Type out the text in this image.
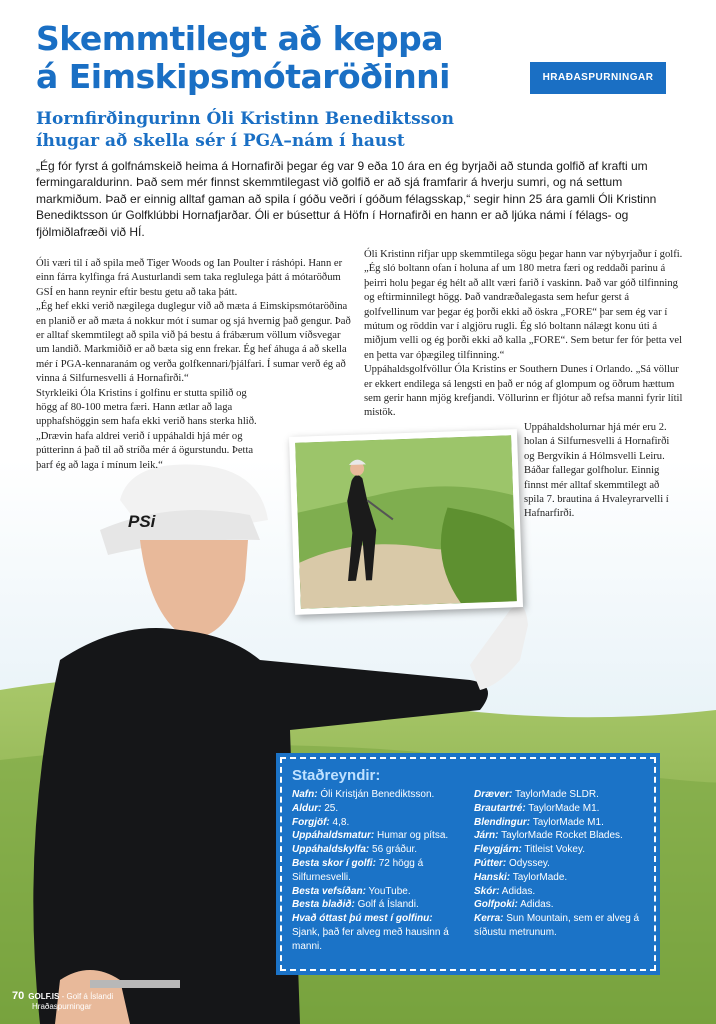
Skemmtilegt að keppa
á Eimskipsmótaröðinni	HRAÐASPURNINGAR
Hornfirðingurinn Óli Kristinn Benediktsson
íhugar að skella sér í PGA–nám í haust

„Ég fór fyrst á golfnámskeið heima á Hornafirði þegar ég var 9 eða 10 ára en ég byrjaði að stunda golfið af krafti um fermingaraldurinn. Það sem mér finnst skemmtilegast við golfið er að sjá framfarir á hverju sumri, og ná settum markmiðum. Það er einnig alltaf gaman að spila í góðu veðri í góðum félagsskap,“ segir hinn 25 ára gamli Óli Kristinn Benediktsson úr Golfklúbbi Hornafjarðar. Óli er búsettur á Höfn í Hornafirði en hann er að ljúka námi í félags- og fjölmiðlafræði við HÍ.

PSi

Óli væri til í að spila með Tiger Woods og Ian Poulter í ráshópi. Hann er einn fárra kylfinga frá Austurlandi sem taka reglulega þátt á mótaröðum GSÍ en hann reynir eftir bestu getu að taka þátt.

„Ég hef ekki verið nægilega duglegur við að mæta á Eimskipsmótaröðina en planið er að mæta á nokkur mót í sumar og sjá hvernig það gengur. Það er alltaf skemmtilegt að spila við þá bestu á frábærum völlum víðsvegar um landið. Markmiðið er að bæta sig enn frekar. Ég hef áhuga á að skella mér í PGA-kennaranám og verða golfkennari/þjálfari. Í sumar verð ég að vinna á Silfurnesvelli á Hornafirði.“

Styrkleiki Óla Kristins í golfinu er stutta spilið og högg af 80-100 metra færi. Hann ætlar að laga upphafshöggin sem hafa ekki verið hans sterka hlið. „Drævin hafa aldrei verið í uppáhaldi hjá mér og pútterinn á það til að stríða mér á ögurstundu. Þetta þarf ég að laga í mínum leik.“

Óli Kristinn rifjar upp skemmtilega sögu þegar hann var nýbyrjaður í golfi. „Ég sló boltann ofan í holuna af um 180 metra færi og reddaði parinu á þeirri holu þegar ég hélt að allt væri farið í vaskinn. Það var góð tilfinning og eftirminnilegt högg. Það vandræðalegasta sem hefur gerst á golfvellinum var þegar ég þorði ekki að öskra „FORE“ þar sem ég var í mútum og röddin var í algjöru rugli. Ég sló boltann nálægt konu úti á miðjum velli og ég þorði ekki að kalla „FORE“. Sem betur fer fór þetta vel en þetta var óþægileg tilfinning.“

Uppáhaldsgolfvöllur Óla Kristins er Southern Dunes í Orlando. „Sá völlur er ekkert endilega sá lengsti en það er nóg af glompum og öðrum hættum sem gerir hann mjög krefjandi. Völlurinn er fljótur að refsa manni fyrir lítil mistök.

Uppáhaldsholurnar hjá mér eru 2. holan á Silfurnesvelli á Hornafirði og Bergvíkin á Hólmsvelli Leiru. Báðar fallegar golfholur. Einnig finnst mér alltaf skemmtilegt að spila 7. brautina á Hvaleyrarvelli í Hafnarfirði.

Staðreyndir:
Nafn: Óli Kristján Benediktsson.
Aldur: 25.
Forgjöf: 4,8.
Uppáhaldsmatur: Humar og pítsa.
Uppáhaldskylfa: 56 gráður.
Besta skor í golfi: 72 högg á Silfurnesvelli.
Besta vefsíðan: YouTube.
Besta blaðið: Golf á Íslandi.
Hvað óttast þú mest í golfinu: Sjank, það fer alveg með hausinn á manni.
Dræver: TaylorMade SLDR.
Brautartré: TaylorMade M1.
Blendingur: TaylorMade M1.
Járn: TaylorMade Rocket Blades.
Fleygjárn: Titleist Vokey.
Pútter: Odyssey.
Hanski: TaylorMade.
Skór: Adidas.
Golfpoki: Adidas.
Kerra: Sun Mountain, sem er alveg á síðustu metrunum.
70 GOLF.IS - Golf á Íslandi
Hraðaspurningar
